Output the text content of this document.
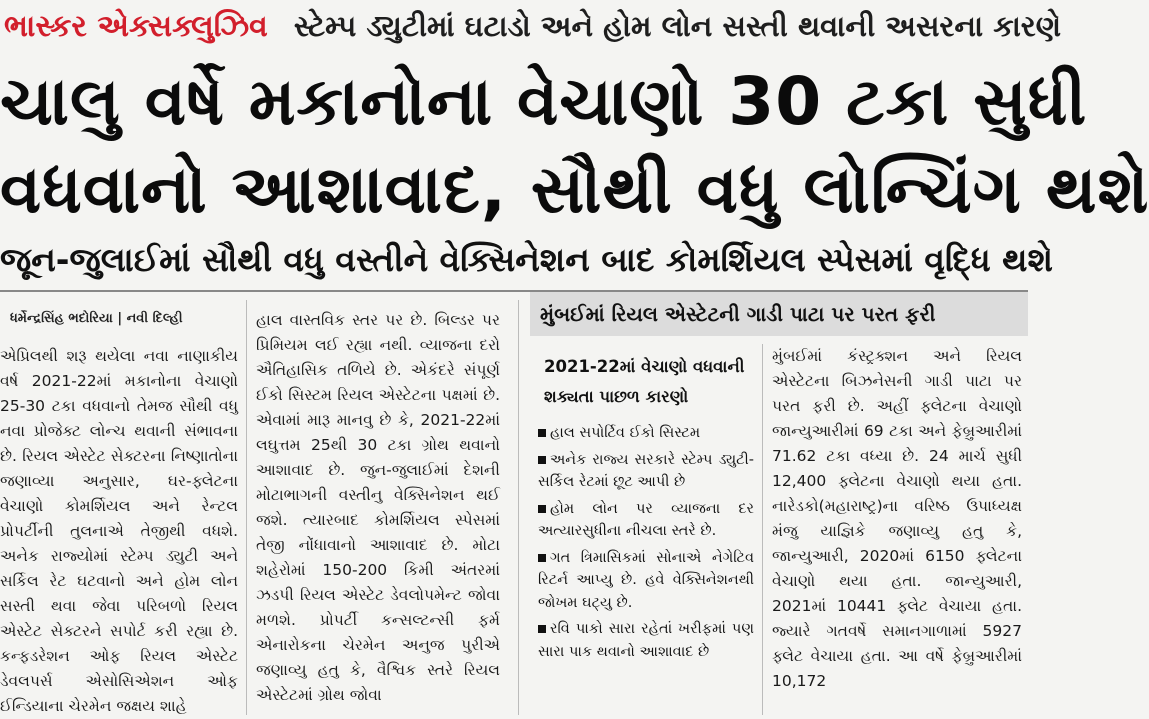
ભાસ્કર એક્સક્લુઝિવ સ્ટેમ્પ ડ્યુટીમાં ઘટાડો અને હોમ લોન સસ્તી થવાની અસરના કારણે
ચાલુ વર્ષે મકાનોના વેચાણો 30 ટકા સુધી
વધવાનો આશાવાદ, સૌથી વધુ લોન્ચિંગ થશે
જૂન-જુલાઈમાં સૌથી વધુ વસ્તીને વેક્સિનેશન બાદ કોમર્શિયલ સ્પેસમાં વૃદ્ધિ થશે
ધર્મેન્દ્રસિંહ ભદોરિયા | નવી દિલ્હી
એપ્રિલથી શરૂ થયેલા નવા નાણાકીય વર્ષ 2021-22માં મકાનોના વેચાણો 25-30 ટકા વધવાનો તેમજ સૌથી વધુ નવા પ્રોજેક્ટ લોન્ચ થવાની સંભાવના છે. રિયલ એસ્ટેટ સેક્ટરના નિષ્ણાતોના જણાવ્યા અનુસાર, ઘર-ફ્લેટના વેચાણો કોમર્શિયલ અને રેન્ટલ પ્રોપર્ટીની તુલનાએ તેજીથી વધશે. અનેક રાજ્યોમાં સ્ટેમ્પ ડ્યુટી અને સર્કિલ રેટ ઘટવાનો અને હોમ લોન સસ્તી થવા જેવા પરિબળો રિયલ એસ્ટેટ સેક્ટરને સપોર્ટ કરી રહ્યા છે. કન્ફડરેશન ઓફ રિયલ એસ્ટેટ ડેવલપર્સ એસોસિએશન ઓફ ઈન્ડિયાના ચેરમેન જક્ષય શાહે
હાલ વાસ્તવિક સ્તર પર છે. બિલ્ડર પર પ્રિમિયમ લઈ રહ્યા નથી. વ્યાજના દરો ઐતિહાસિક તળિયે છે. એકંદરે સંપૂર્ણ ઈકો સિસ્ટમ રિયલ એસ્ટેટના પક્ષમાં છે. એવામાં મારૂ માનવુ છે કે, 2021-22માં લઘુત્તમ 25થી 30 ટકા ગ્રોથ થવાનો આશાવાદ છે. જુન-જુલાઈમાં દેશની મોટાભાગની વસ્તીનુ વેક્સિનેશન થઈ જશે. ત્યારબાદ કોમર્શિયલ સ્પેસમાં તેજી નોંધાવાનો આશાવાદ છે. મોટા શહેરોમાં 150-200 કિમી અંતરમાં ઝડપી રિયલ એસ્ટેટ ડેવલોપમેન્ટ જોવા મળશે. પ્રોપર્ટી કન્સલ્ટન્સી ફર્મ એનારોકના ચેરમેન અનુજ પુરીએ જણાવ્યુ હતુ કે, વૈશ્વિક સ્તરે રિયલ એસ્ટેટમાં ગ્રોથ જોવા
મુંબઈમાં રિયલ એસ્ટેટની ગાડી પાટા પર પરત ફરી
2021-22માં વેચાણો વધવાની શક્યતા પાછળ કારણો
હાલ સપોર્ટિવ ઈકો સિસ્ટમ
અનેક રાજ્ય સરકારે સ્ટેમ્પ ડ્યુટી-સર્કિલ રેટમાં છૂટ આપી છે
હોમ લોન પર વ્યાજના દર અત્યારસુધીના નીચલા સ્તરે છે.
ગત ત્રિમાસિકમાં સોનાએ નેગેટિવ રિટર્ન આપ્યુ છે. હવે વેક્સિનેશનથી જોખમ ઘટ્યુ છે.
રવિ પાકો સારા રહેતાં ખરીફમાં પણ સારા પાક થવાનો આશાવાદ છે
મુંબઈમાં કંસ્ટ્રક્શન અને રિયલ એસ્ટેટના બિઝનેસની ગાડી પાટા પર પરત ફરી છે. અહીં ફ્લેટના વેચાણો જાન્યુઆરીમાં 69 ટકા અને ફેબ્રુઆરીમાં 71.62 ટકા વધ્યા છે. 24 માર્ચ સુધી 12,400 ફ્લેટના વેચાણો થયા હતા. નારેડકો(મહારાષ્ટ્ર)ના વરિષ્ઠ ઉપાધ્યક્ષ મંજુ યાજ્ઞિકે જણાવ્યુ હતુ કે, જાન્યુઆરી, 2020માં 6150 ફ્લેટના વેચાણો થયા હતા. જાન્યુઆરી, 2021માં 10441 ફ્લેટ વેચાયા હતા. જ્યારે ગતવર્ષે સમાનગાળામાં 5927 ફ્લેટ વેચાયા હતા. આ વર્ષે ફેબ્રુઆરીમાં 10,172
